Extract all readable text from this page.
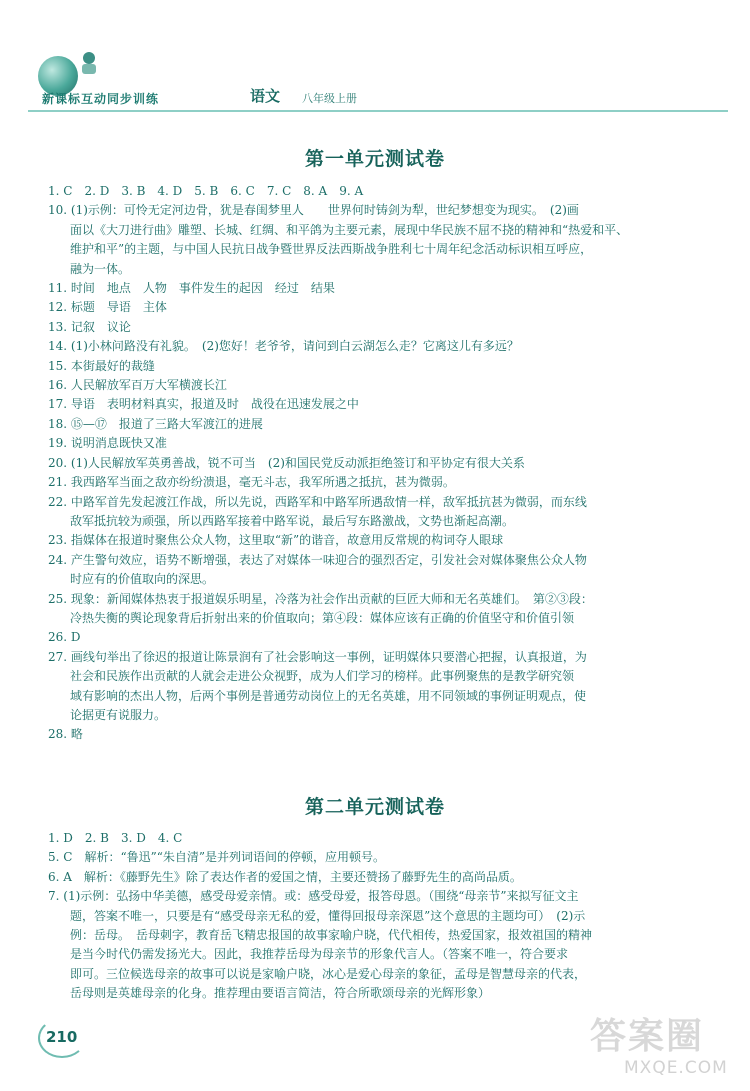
新课标互动同步训练	语文 八年级上册
第一单元测试卷
1. C　2. D　3. B　4. D　5. B　6. C　7. C　8. A　9. A
10. (1)示例：可怜无定河边骨，犹是春闺梦里人　　世界何时铸剑为犁，世纪梦想变为现实。　(2)画
面以《大刀进行曲》雕塑、长城、红绸、和平鸽为主要元素，展现中华民族不屈不挠的精神和“热爱和平、
维护和平”的主题，与中国人民抗日战争暨世界反法西斯战争胜利七十周年纪念活动标识相互呼应，
融为一体。
11. 时间　地点　人物　事件发生的起因　经过　结果
12. 标题　导语　主体
13. 记叙　议论
14. (1)小林问路没有礼貌。　(2)您好！老爷爷，请问到白云湖怎么走？它离这儿有多远？
15. 本街最好的裁缝
16. 人民解放军百万大军横渡长江
17. 导语　表明材料真实，报道及时　战役在迅速发展之中
18. ⑮—⑰　报道了三路大军渡江的进展
19. 说明消息既快又准
20. (1)人民解放军英勇善战，锐不可当　(2)和国民党反动派拒绝签订和平协定有很大关系
21. 我西路军当面之敌亦纷纷溃退，毫无斗志，我军所遇之抵抗，甚为微弱。
22. 中路军首先发起渡江作战，所以先说，西路军和中路军所遇敌情一样，敌军抵抗甚为微弱，而东线
敌军抵抗较为顽强，所以西路军接着中路军说，最后写东路激战，文势也渐起高潮。
23. 指媒体在报道时聚焦公众人物，这里取“新”的谐音，故意用反常规的构词夺人眼球
24. 产生警句效应，语势不断增强，表达了对媒体一味迎合的强烈否定，引发社会对媒体聚焦公众人物
时应有的价值取向的深思。
25. 现象：新闻媒体热衷于报道娱乐明星，冷落为社会作出贡献的巨匠大师和无名英雄们。　第②③段：
冷热失衡的舆论现象背后折射出来的价值取向；第④段：媒体应该有正确的价值坚守和价值引领
26. D
27. 画线句举出了徐迟的报道让陈景润有了社会影响这一事例，证明媒体只要潜心把握，认真报道，为
社会和民族作出贡献的人就会走进公众视野，成为人们学习的榜样。此事例聚焦的是教学研究领
域有影响的杰出人物，后两个事例是普通劳动岗位上的无名英雄，用不同领域的事例证明观点，使
论据更有说服力。
28. 略
第二单元测试卷
1. D　2. B　3. D　4. C
5. C　解析：“鲁迅”“朱自清”是并列词语间的停顿，应用顿号。
6. A　解析：《藤野先生》除了表达作者的爱国之情，主要还赞扬了藤野先生的高尚品质。
7. (1)示例：弘扬中华美德，感受母爱亲情。或：感受母爱，报答母恩。（围绕“母亲节”来拟写征文主
题，答案不唯一，只要是有“感受母亲无私的爱，懂得回报母亲深恩”这个意思的主题均可）　(2)示
例：岳母。　岳母刺字，教育岳飞精忠报国的故事家喻户晓，代代相传，热爱国家，报效祖国的精神
是当今时代仍需发扬光大。因此，我推荐岳母为母亲节的形象代言人。（答案不唯一，符合要求
即可。三位候选母亲的故事可以说是家喻户晓，冰心是爱心母亲的象征，孟母是智慧母亲的代表，
岳母则是英雄母亲的化身。推荐理由要语言简洁，符合所歌颂母亲的光辉形象）
210	答案圈
MXQE.COM
